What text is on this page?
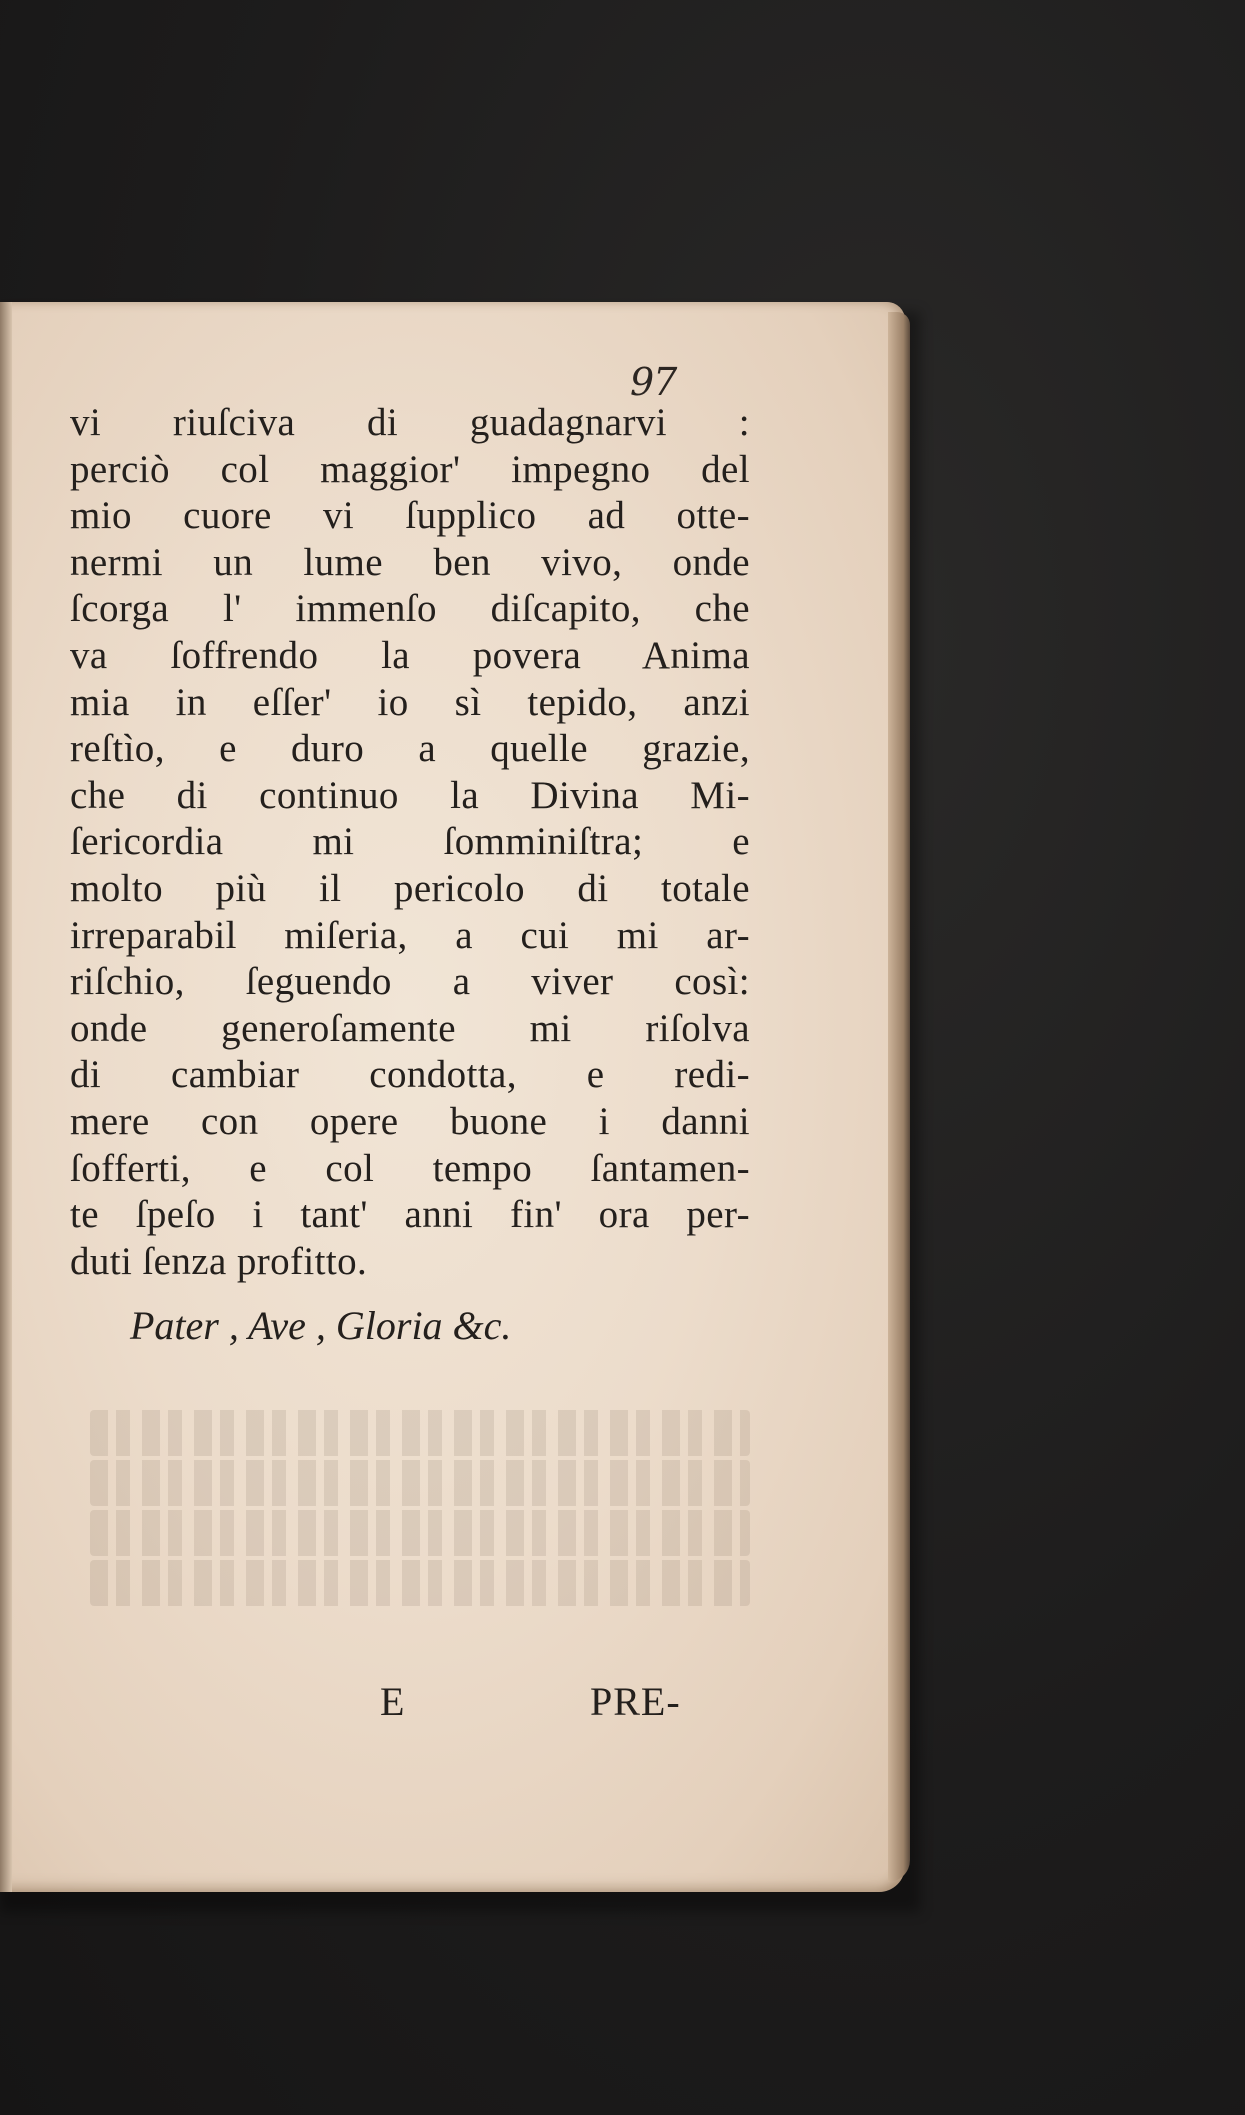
97
vi riuſciva di guadagnarvi :
perciò col maggior' impegno del
mio cuore vi ſupplico ad otte-
nermi un lume ben vivo, onde
ſcorga l' immenſo diſcapito, che
va ſoffrendo la povera Anima
mia in eſſer' io sì tepido, anzi
reſtìo, e duro a quelle grazie,
che di continuo la Divina Mi-
ſericordia mi ſomminiſtra; e
molto più il pericolo di totale
irreparabil miſeria, a cui mi ar-
riſchio, ſeguendo a viver così:
onde generoſamente mi riſolva
di cambiar condotta, e redi-
mere con opere buone i danni
ſofferti, e col tempo ſantamen-
te ſpeſo i tant' anni fin' ora per-
duti ſenza profitto.
Pater , Ave , Gloria &c.
E	PRE-
